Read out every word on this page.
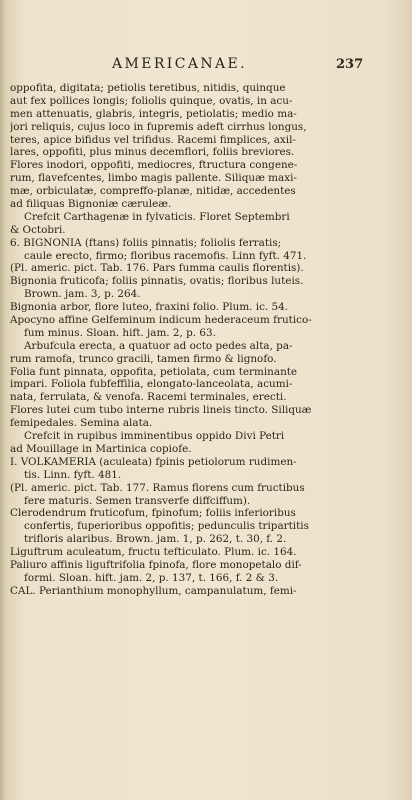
AMERICANAE.	237
oppofita, digitata; petiolis teretibus, nitidis, quinque
aut fex pollices longis; foliolis quinque, ovatis, in acu-
men attenuatis, glabris, integris, petiolatis; medio ma-
jori reliquis, cujus loco in fupremis adeft cirrhus longus,
teres, apice bifidus vel trifidus. Racemi fimplices, axil-
lares, oppofiti, plus minus decemflori, foliis breviores.
Flores inodori, oppofiti, mediocres, ftructura congene-
rum, flavefcentes, limbo magis pallente. Siliquæ maxi-
mæ, orbiculatæ, compreffo-planæ, nitidæ, accedentes
ad filiquas Bignoniæ cæruleæ.
Crefcit Carthagenæ in fylvaticis. Floret Septembri
& Octobri.
6. BIGNONIA (ftans) foliis pinnatis; foliolis ferratis;
caule erecto, firmo; floribus racemofis. Linn fyft. 471.
(Pl. americ. pict. Tab. 176. Pars fumma caulis florentis).
Bignonia fruticofa; foliis pinnatis, ovatis; floribus luteis.
Brown. jam. 3, p. 264.
Bignonia arbor, flore luteo, fraxini folio. Plum. ic. 54.
Apocyno affine Gelfeminum indicum hederaceum frutico-
fum minus. Sloan. hift. jam. 2, p. 63.
Arbufcula erecta, a quatuor ad octo pedes alta, pa-
rum ramofa, trunco gracili, tamen firmo & lignofo.
Folia funt pinnata, oppofita, petiolata, cum terminante
impari. Foliola fubfeffilia, elongato-lanceolata, acumi-
nata, ferrulata, & venofa. Racemi terminales, erecti.
Flores lutei cum tubo interne rubris lineis tincto. Siliquæ
femipedales. Semina alata.
Crefcit in rupibus imminentibus oppido Divi Petri
ad Mouillage in Martinica copiofe.
I. VOLKAMERIA (aculeata) fpinis petiolorum rudimen-
tis. Linn. fyft. 481.
(Pl. americ. pict. Tab. 177. Ramus florens cum fructibus
fere maturis. Semen transverfe diffciffum).
Clerodendrum fruticofum, fpinofum; foliis inferioribus
confertis, fuperioribus oppofitis; pedunculis tripartitis
trifloris alaribus. Brown. jam. 1, p. 262, t. 30, f. 2.
Liguftrum aculeatum, fructu tefticulato. Plum. ic. 164.
Paliuro affinis liguftrifolia fpinofa, flore monopetalo dif-
formi. Sloan. hift. jam. 2, p. 137, t. 166, f. 2 & 3.
CAL. Perianthium monophyllum, campanulatum, femi-
